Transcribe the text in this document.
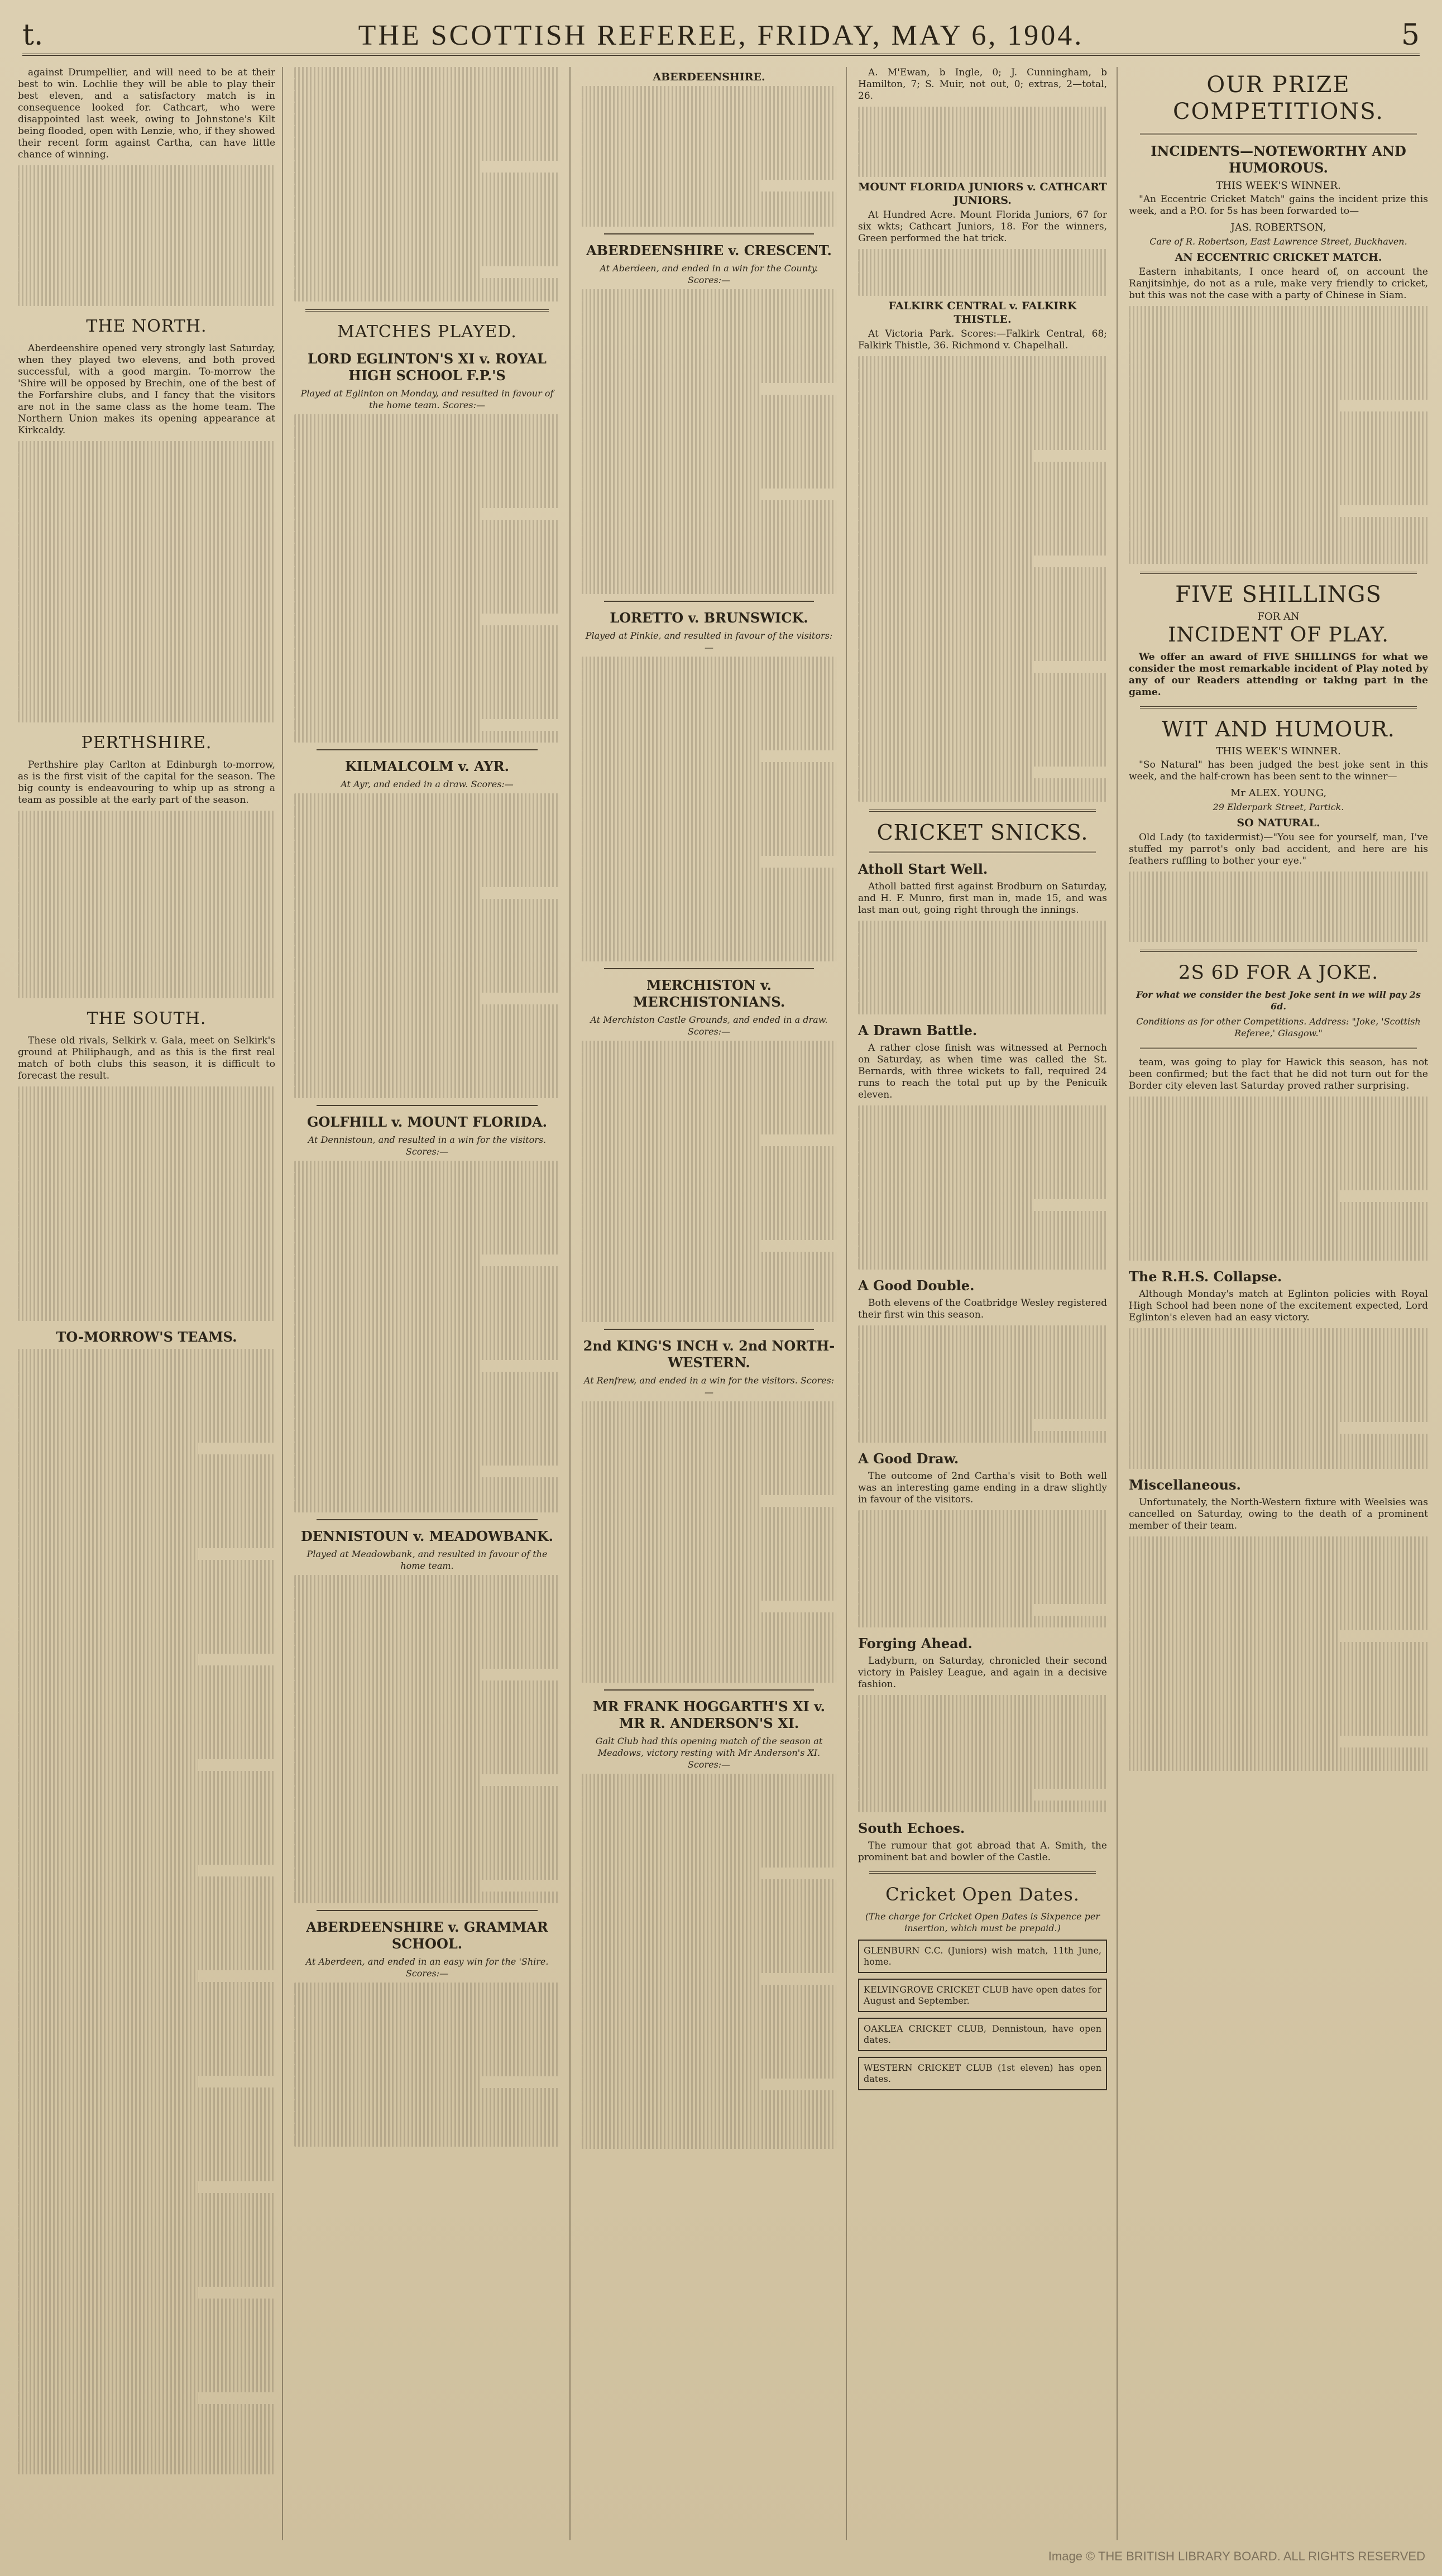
t.	THE SCOTTISH REFEREE, FRIDAY, MAY 6, 1904.	5

against Drumpellier, and will need to be at their best to win. Lochlie they will be able to play their best eleven, and a satisfactory match is in consequence looked for. Cathcart, who were disappointed last week, owing to Johnstone's Kilt being flooded, open with Lenzie, who, if they showed their recent form against Cartha, can have little chance of winning.

THE NORTH.

Aberdeenshire opened very strongly last Saturday, when they played two elevens, and both proved successful, with a good margin. To-morrow the 'Shire will be opposed by Brechin, one of the best of the Forfarshire clubs, and I fancy that the visitors are not in the same class as the home team. The Northern Union makes its opening appearance at Kirkcaldy.

PERTHSHIRE.

Perthshire play Carlton at Edinburgh to-morrow, as is the first visit of the capital for the season. The big county is endeavouring to whip up as strong a team as possible at the early part of the season.

THE SOUTH.

These old rivals, Selkirk v. Gala, meet on Selkirk's ground at Philiphaugh, and as this is the first real match of both clubs this season, it is difficult to forecast the result.

TO-MORROW'S TEAMS.
MATCHES PLAYED.
LORD EGLINTON'S XI v. ROYAL HIGH SCHOOL F.P.'S
Played at Eglinton on Monday, and resulted in favour of the home team. Scores:—
KILMALCOLM v. AYR.
At Ayr, and ended in a draw. Scores:—
GOLFHILL v. MOUNT FLORIDA.
At Dennistoun, and resulted in a win for the visitors. Scores:—
DENNISTOUN v. MEADOWBANK.
Played at Meadowbank, and resulted in favour of the home team.
ABERDEENSHIRE v. GRAMMAR SCHOOL.
At Aberdeen, and ended in an easy win for the 'Shire. Scores:—
ABERDEENSHIRE.
ABERDEENSHIRE v. CRESCENT.
At Aberdeen, and ended in a win for the County. Scores:—
LORETTO v. BRUNSWICK.
Played at Pinkie, and resulted in favour of the visitors:—
MERCHISTON v. MERCHISTONIANS.
At Merchiston Castle Grounds, and ended in a draw. Scores:—
2nd KING'S INCH v. 2nd NORTH-WESTERN.
At Renfrew, and ended in a win for the visitors. Scores:—
MR FRANK HOGGARTH'S XI v. MR R. ANDERSON'S XI.
Galt Club had this opening match of the season at Meadows, victory resting with Mr Anderson's XI. Scores:—

A. M'Ewan, b Ingle, 0; J. Cunningham, b Hamilton, 7; S. Muir, not out, 0; extras, 2—total, 26.

MOUNT FLORIDA JUNIORS v. CATHCART JUNIORS.

At Hundred Acre. Mount Florida Juniors, 67 for six wkts; Cathcart Juniors, 18. For the winners, Green performed the hat trick.

FALKIRK CENTRAL v. FALKIRK THISTLE.

At Victoria Park. Scores:—Falkirk Central, 68; Falkirk Thistle, 36. Richmond v. Chapelhall.

CRICKET SNICKS.
Atholl Start Well.

Atholl batted first against Brodburn on Saturday, and H. F. Munro, first man in, made 15, and was last man out, going right through the innings.

A Drawn Battle.

A rather close finish was witnessed at Pernoch on Saturday, as when time was called the St. Bernards, with three wickets to fall, required 24 runs to reach the total put up by the Penicuik eleven.

A Good Double.

Both elevens of the Coatbridge Wesley registered their first win this season.

A Good Draw.

The outcome of 2nd Cartha's visit to Both well was an interesting game ending in a draw slightly in favour of the visitors.

Forging Ahead.

Ladyburn, on Saturday, chronicled their second victory in Paisley League, and again in a decisive fashion.

South Echoes.

The rumour that got abroad that A. Smith, the prominent bat and bowler of the Castle.

Cricket Open Dates.
(The charge for Cricket Open Dates is Sixpence per insertion, which must be prepaid.)
GLENBURN C.C. (Juniors) wish match, 11th June, home.
KELVINGROVE CRICKET CLUB have open dates for August and September.
OAKLEA CRICKET CLUB, Dennistoun, have open dates.
WESTERN CRICKET CLUB (1st eleven) has open dates.
OUR PRIZE COMPETITIONS.
INCIDENTS—NOTEWORTHY AND HUMOROUS.
THIS WEEK'S WINNER.

"An Eccentric Cricket Match" gains the incident prize this week, and a P.O. for 5s has been forwarded to—

JAS. ROBERTSON,
Care of R. Robertson, East Lawrence Street, Buckhaven.
AN ECCENTRIC CRICKET MATCH.

Eastern inhabitants, I once heard of, on account the Ranjitsinhje, do not as a rule, make very friendly to cricket, but this was not the case with a party of Chinese in Siam.

FIVE SHILLINGS
FOR AN
INCIDENT OF PLAY.

We offer an award of FIVE SHILLINGS for what we consider the most remarkable incident of Play noted by any of our Readers attending or taking part in the game.

WIT AND HUMOUR.
THIS WEEK'S WINNER.

"So Natural" has been judged the best joke sent in this week, and the half-crown has been sent to the winner—

Mr ALEX. YOUNG,
29 Elderpark Street, Partick.
SO NATURAL.

Old Lady (to taxidermist)—"You see for yourself, man, I've stuffed my parrot's only bad accident, and here are his feathers ruffling to bother your eye."

2S 6D FOR A JOKE.
For what we consider the best Joke sent in we will pay 2s 6d.
Conditions as for other Competitions. Address: "Joke, 'Scottish Referee,' Glasgow."

team, was going to play for Hawick this season, has not been confirmed; but the fact that he did not turn out for the Border city eleven last Saturday proved rather surprising.

The R.H.S. Collapse.

Although Monday's match at Eglinton policies with Royal High School had been none of the excitement expected, Lord Eglinton's eleven had an easy victory.

Miscellaneous.

Unfortunately, the North-Western fixture with Weelsies was cancelled on Saturday, owing to the death of a prominent member of their team.

Image © THE BRITISH LIBRARY BOARD. ALL RIGHTS RESERVED
